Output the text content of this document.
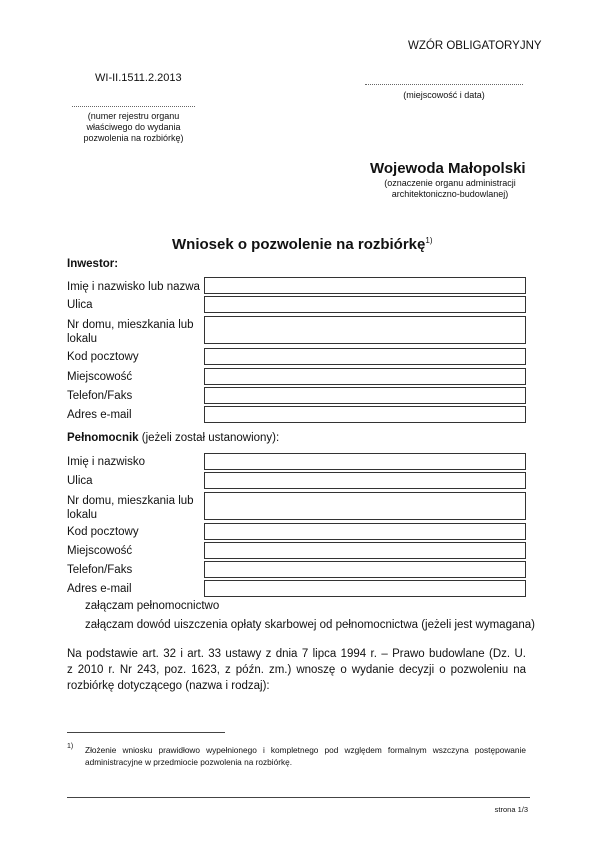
WZÓR OBLIGATORYJNY
WI-II.1511.2.2013
(miejscowość i data)
(numer rejestru organu
właściwego do wydania
pozwolenia na rozbiórkę)
Wojewoda Małopolski
(oznaczenie organu administracji
architektoniczno-budowlanej)
Wniosek o pozwolenie na rozbiórkę$^{1)}$
Inwestor:
Imię i nazwisko lub nazwa
Ulica
Nr domu, mieszkania lub
lokalu
Kod pocztowy
Miejscowość
Telefon/Faks
Adres e-mail
Pełnomocnik (jeżeli został ustanowiony):
Imię i nazwisko
Ulica
Nr domu, mieszkania lub
lokalu
Kod pocztowy
Miejscowość
Telefon/Faks
Adres e-mail
załączam pełnomocnictwo
załączam dowód uiszczenia opłaty skarbowej od pełnomocnictwa (jeżeli jest wymagana)
Na podstawie art. 32 i art. 33 ustawy z dnia 7 lipca 1994 r. – Prawo budowlane (Dz. U.
z 2010 r. Nr 243, poz. 1623, z późn. zm.) wnoszę o wydanie decyzji o pozwoleniu na
rozbiórkę dotyczącego (nazwa i rodzaj):
1) Złożenie wniosku prawidłowo wypełnionego i kompletnego pod względem formalnym wszczyna postępowanie
administracyjne w przedmiocie pozwolenia na rozbiórkę.
strona 1/3
